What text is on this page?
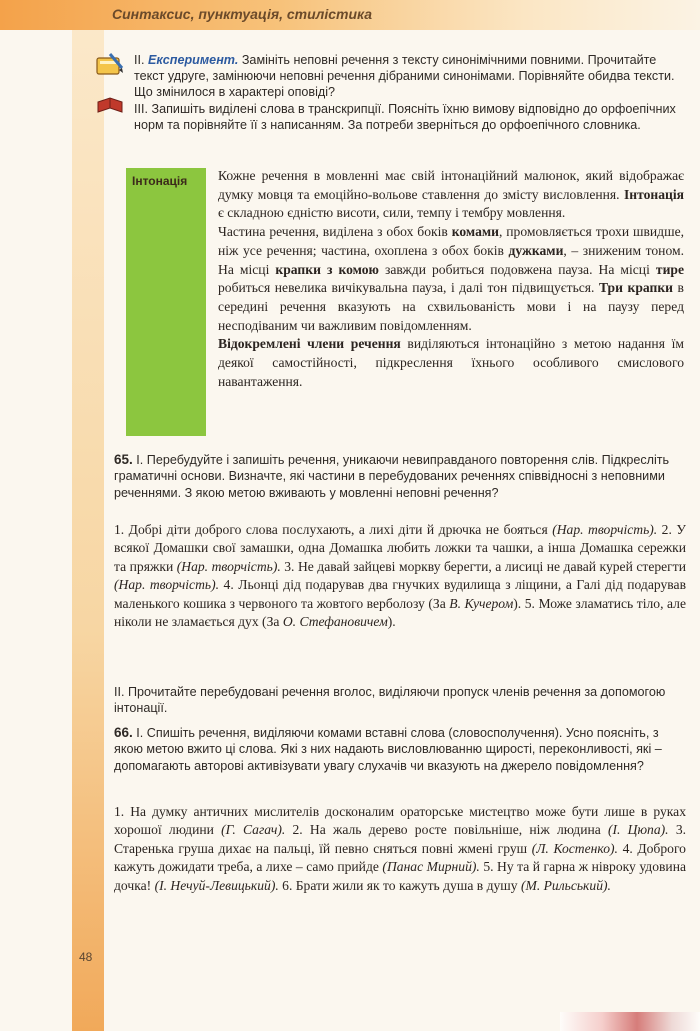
Синтаксис, пунктуація, стилістика

II. Експеримент. Замініть неповні речення з тексту синонімічними повними. Прочитайте текст удруге, замінюючи неповні речення дібраними синонімами. Порівняйте обидва тексти. Що змінилося в характері оповіді?

III. Запишіть виділені слова в транскрипції. Поясніть їхню вимову відповідно до орфоепічних норм та порівняйте її з написанням. За потреби зверніться до орфоепічного словника.

Інтонація Кожне речення в мовленні має свій інтонаційний малюнок, який відображає думку мовця та емоційно-вольове ставлення до змісту висловлення. Інтонація є складною єдністю висоти, сили, темпу і тембру мовлення.

Частина речення, виділена з обох боків комами, промовляється трохи швидше, ніж усе речення; частина, охоплена з обох боків дужками, – зниженим тоном. На місці крапки з комою завжди робиться подовжена пауза. На місці тире робиться невелика вичікувальна пауза, і далі тон підвищується. Три крапки в середині речення вказують на схвильованість мови і на паузу перед несподіваним чи важливим повідомленням.

Відокремлені члени речення виділяються інтонаційно з метою надання їм деякої самостійності, підкреслення їхнього особливого смислового навантаження.

65. I. Перебудуйте і запишіть речення, уникаючи невиправданого повторення слів. Підкресліть граматичні основи. Визначте, які частини в перебудованих реченнях співвідносні з неповними реченнями. З якою метою вживають у мовленні неповні речення?

1. Добрі діти доброго слова послухають, а лихі діти й дрючка не бояться (Нар. творчість). 2. У всякої Домашки свої замашки, одна Домашка любить ложки та чашки, а інша Домашка сережки та пряжки (Нар. творчість). 3. Не давай зайцеві моркву берегти, а лисиці не давай курей стерегти (Нар. творчість). 4. Льонці дід подарував два гнучких вудилища з ліщини, а Галі дід подарував маленького кошика з червоного та жовтого верболозу (За В. Кучером). 5. Може зламатись тіло, але ніколи не зламається дух (За О. Стефановичем).

II. Прочитайте перебудовані речення вголос, виділяючи пропуск членів речення за допомогою інтонації.
66. I. Спишіть речення, виділяючи комами вставні слова (словосполучення). Усно поясніть, з якою метою вжито ці слова. Які з них надають висловлюванню щирості, переконливості, які – допомагають авторові активізувати увагу слухачів чи вказують на джерело повідомлення?

1. На думку античних мислителів досконалим ораторське мистецтво може бути лише в руках хорошої людини (Г. Сагач). 2. На жаль дерево росте повільніше, ніж людина (І. Цюпа). 3. Старенька груша дихає на пальці, їй певно сняться повні жмені груш (Л. Костенко). 4. Доброго кажуть дожидати треба, а лихе – само прийде (Панас Мирний). 5. Ну та й гарна ж нівроку удовина дочка! (І. Нечуй-Левицький). 6. Брати жили як то кажуть душа в душу (М. Рильський).

48
